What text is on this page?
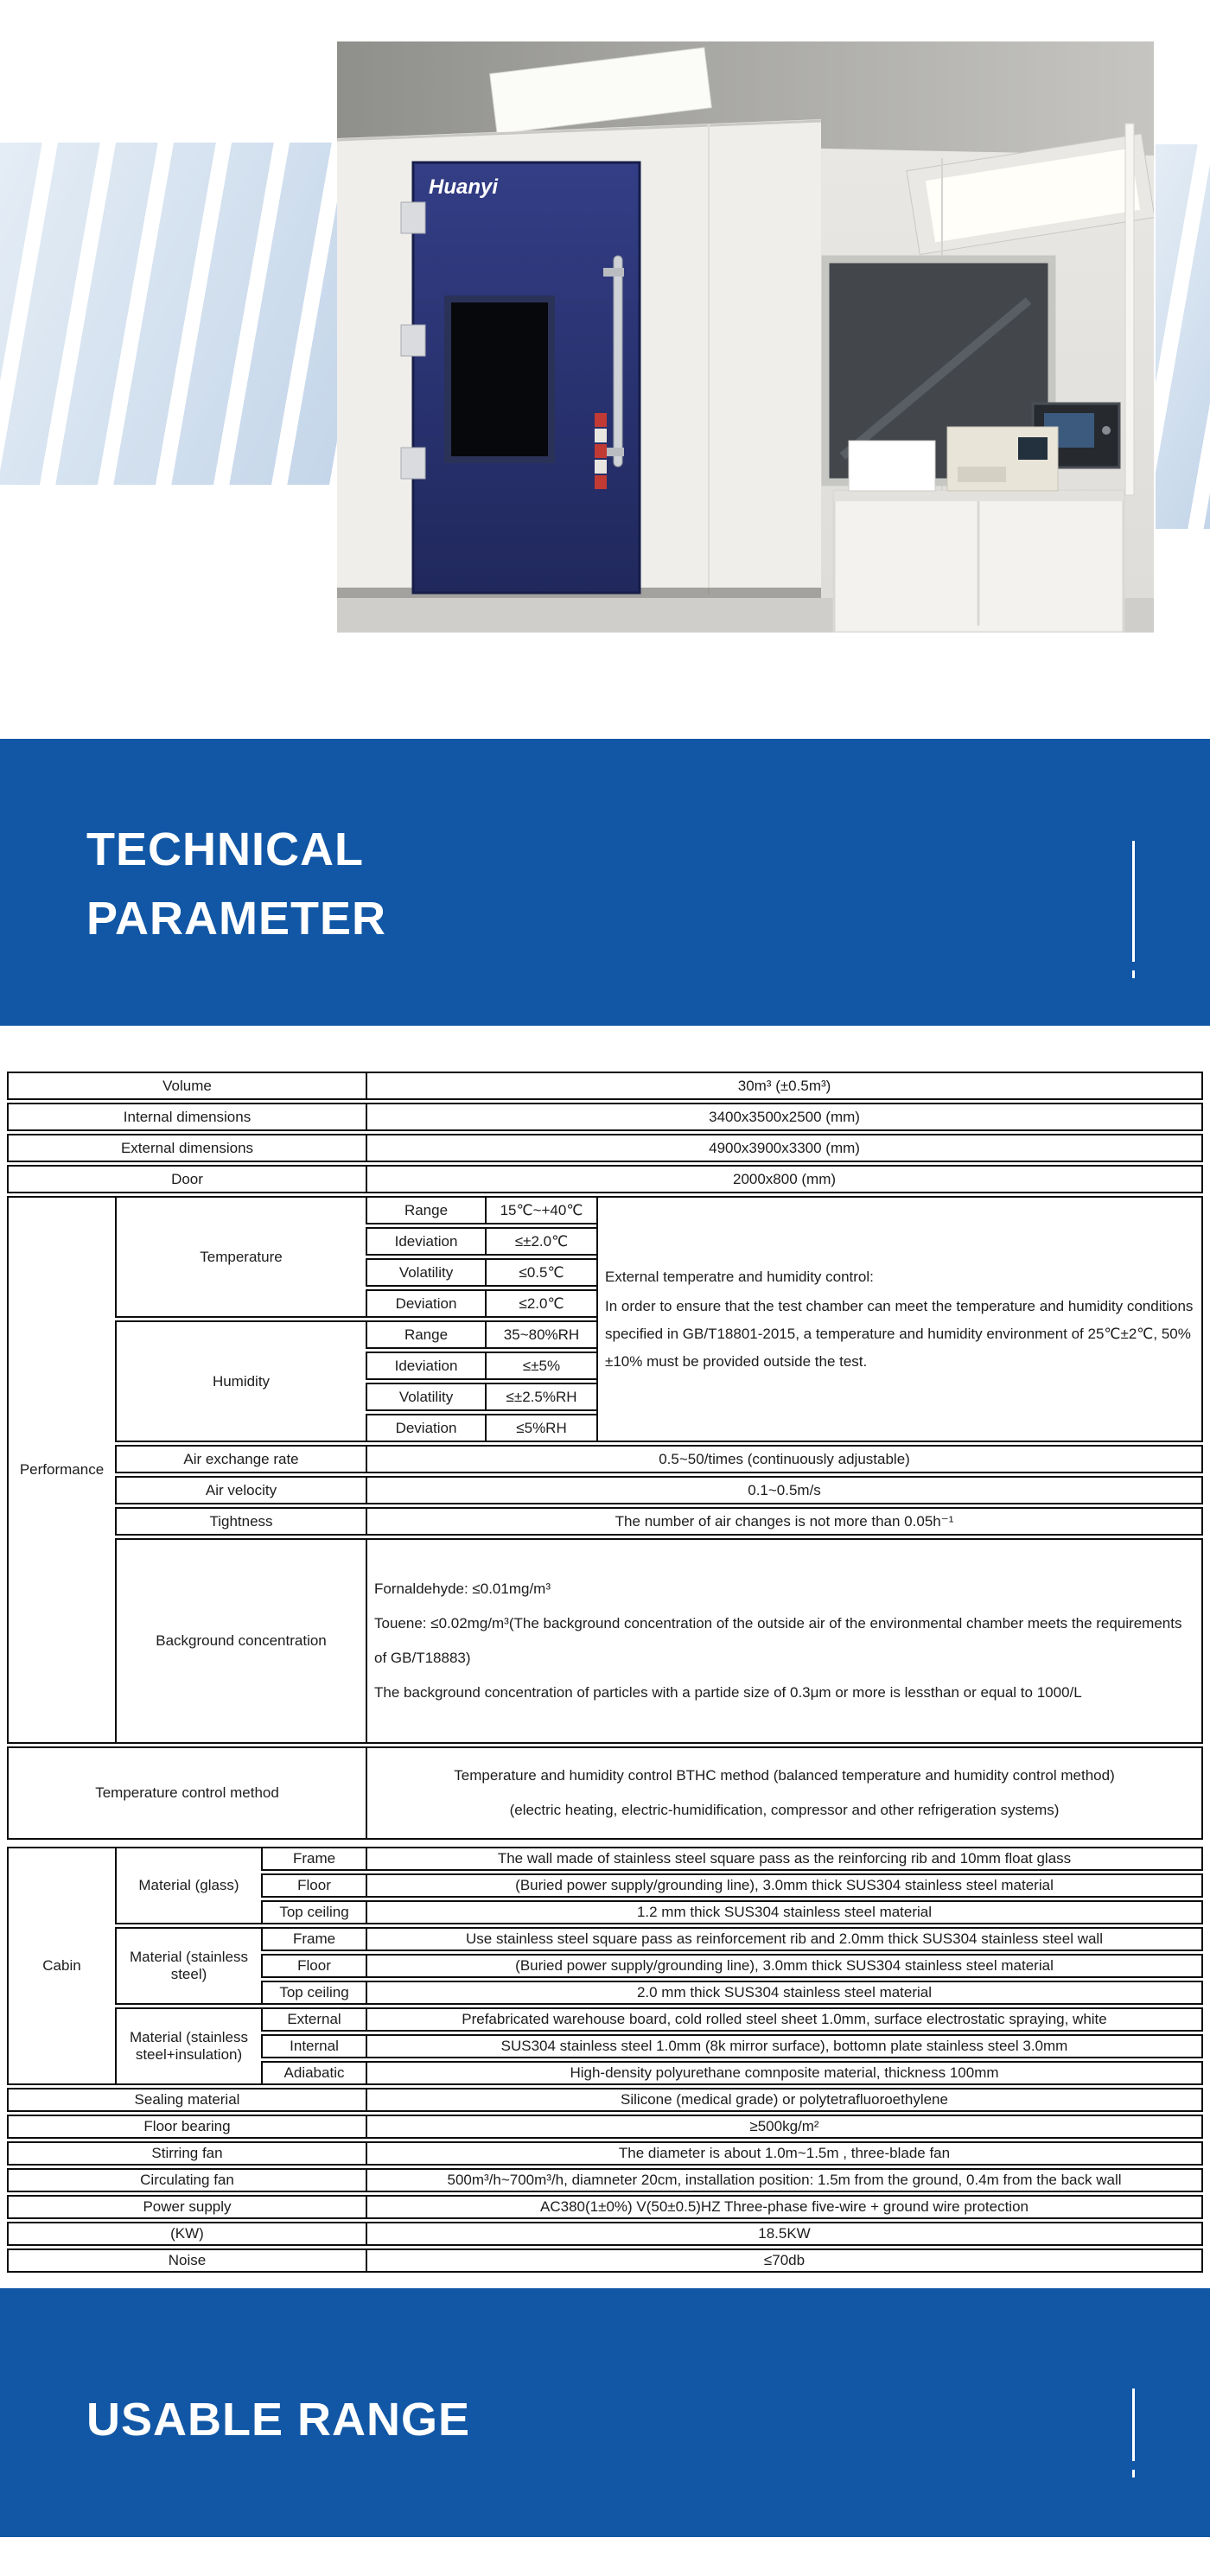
Huanyi
TECHNICAL
PARAMETER
Volume		30m³ (±0.5m³)		
Internal dimensions		3400x3500x2500 (mm)		
External dimensions		4900x3900x3300 (mm)		
Door		2000x800 (mm)		
Performance	Temperature	Range	15℃~+40℃	External temperatre and humidity control:
In order to ensure that the test chamber can meet the temperature and humidity conditions specified in GB/T18801-2015, a temperature and humidity environment of 25℃±2℃, 50%±10% must be provided outside the test.

		Ideviation	≤±2.0℃	
		Volatility	≤0.5℃	
		Deviation	≤2.0℃	
	Humidity	Range	35~80%RH	
		Ideviation	≤±5%	
		Volatility	≤±2.5%RH	
		Deviation	≤5%RH	
	Air exchange rate	0.5~50/times (continuously adjustable)		
	Air velocity	0.1~0.5m/s		
	Tightness	The number of air changes is not more than 0.05h⁻¹		
	Background concentration	Fornaldehyde: ≤0.01mg/m³
Touene: ≤0.02mg/m³(The background concentration of the outside air of the environmental chamber meets the requirements of GB/T18883)
The background concentration of particles with a partide size of 0.3μm or more is lessthan or equal to 1000/L		

Temperature control method		Temperature and humidity control BTHC method (balanced temperature and humidity control method)
(electric heating, electric-humidification, compressor and other refrigeration systems)		
Cabin	Material (glass)	Frame	The wall made of stainless steel square pass as the reinforcing rib and 10mm float glass
		Floor	(Buried power supply/grounding line), 3.0mm thick SUS304 stainless steel material
		Top ceiling	1.2 mm thick SUS304 stainless steel material
	Material (stainless steel)	Frame	Use stainless steel square pass as reinforcement rib and 2.0mm thick SUS304 stainless steel wall
		Floor	(Buried power supply/grounding line), 3.0mm thick SUS304 stainless steel material
		Top ceiling	2.0 mm thick SUS304 stainless steel material
	Material (stainless steel+insulation)	External	Prefabricated warehouse board, cold rolled steel sheet 1.0mm, surface electrostatic spraying, white
		Internal	SUS304 stainless steel 1.0mm (8k mirror surface), bottomn plate stainless steel 3.0mm
		Adiabatic	High-density polyurethane comnposite material, thickness 100mm
Sealing material			Silicone (medical grade) or polytetrafluoroethylene
Floor bearing			≥500kg/m²
Stirring fan			The diameter is about 1.0m~1.5m , three-blade fan
Circulating fan			500m³/h~700m³/h, diamneter 20cm, installation position: 1.5m from the ground, 0.4m from the back wall
Power supply			AC380(1±0%) V(50±0.5)HZ Three-phase five-wire + ground wire protection
(KW)			18.5KW
Noise			≤70db
USABLE RANGE
